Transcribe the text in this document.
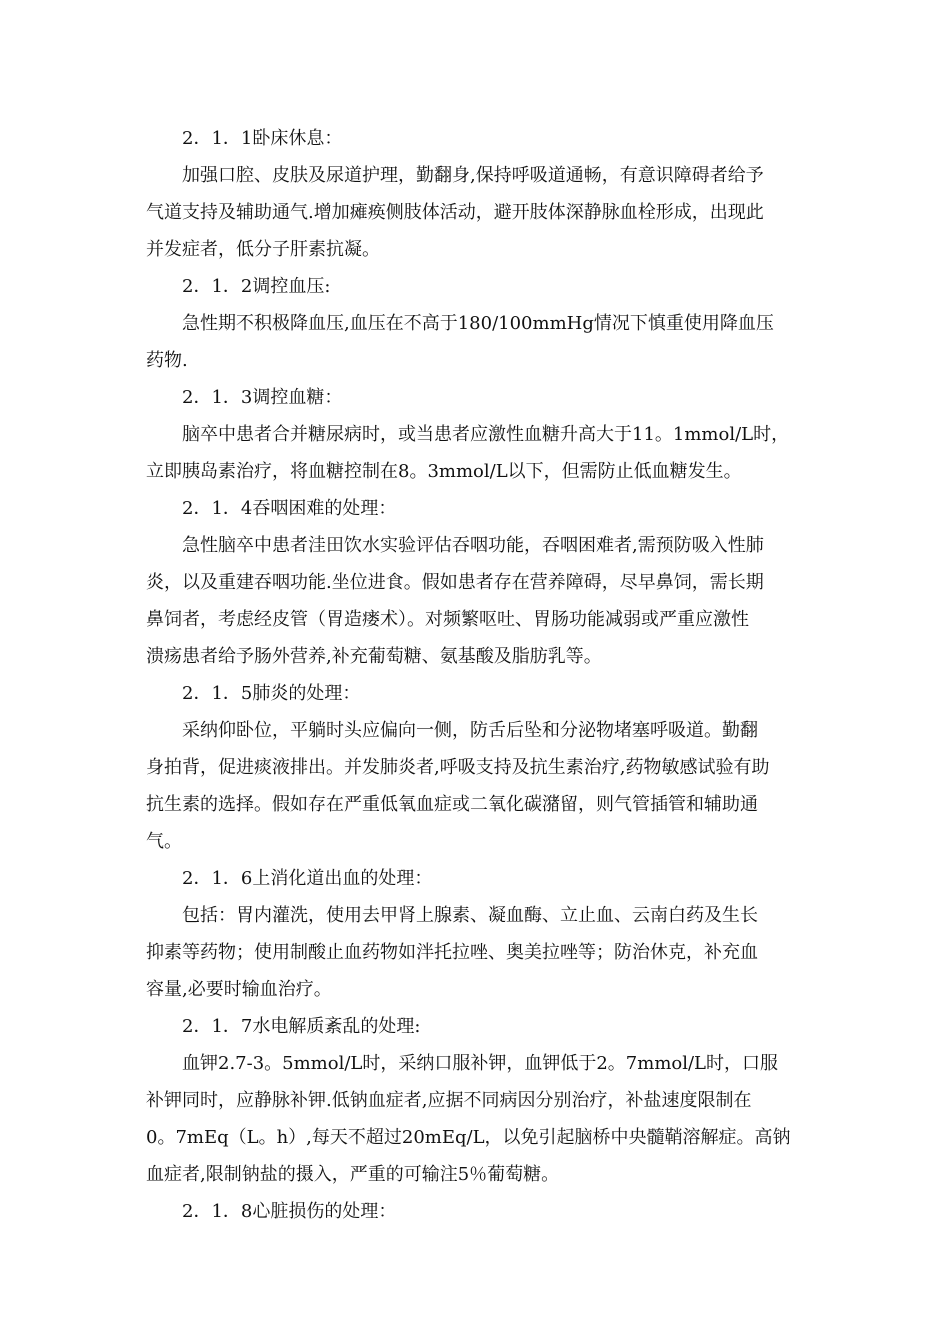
2．1．1卧床休息：
加强口腔、皮肤及尿道护理，勤翻身,保持呼吸道通畅，有意识障碍者给予
气道支持及辅助通气.增加瘫痪侧肢体活动，避开肢体深静脉血栓形成，出现此
并发症者，低分子肝素抗凝。
2．1．2调控血压:
急性期不积极降血压,血压在不高于180/100mmHg情况下慎重使用降血压
药物.
2．1．3调控血糖：
脑卒中患者合并糖尿病时，或当患者应激性血糖升高大于11。1mmol/L时，
立即胰岛素治疗，将血糖控制在8。3mmol/L以下，但需防止低血糖发生。
2．1．4吞咽困难的处理：
急性脑卒中患者洼田饮水实验评估吞咽功能，吞咽困难者,需预防吸入性肺
炎，以及重建吞咽功能.坐位进食。假如患者存在营养障碍，尽早鼻饲，需长期
鼻饲者，考虑经皮管（胃造瘘术）。对频繁呕吐、胃肠功能减弱或严重应激性
溃疡患者给予肠外营养,补充葡萄糖、氨基酸及脂肪乳等。
2．1．5肺炎的处理：
采纳仰卧位，平躺时头应偏向一侧，防舌后坠和分泌物堵塞呼吸道。勤翻
身拍背，促进痰液排出。并发肺炎者,呼吸支持及抗生素治疗,药物敏感试验有助
抗生素的选择。假如存在严重低氧血症或二氧化碳潴留，则气管插管和辅助通
气。
2．1．6上消化道出血的处理：
包括：胃内灌洗，使用去甲肾上腺素、凝血酶、立止血、云南白药及生长
抑素等药物；使用制酸止血药物如泮托拉唑、奥美拉唑等；防治休克，补充血
容量,必要时输血治疗。
2．1．7水电解质紊乱的处理:
血钾2.7-3。5mmol/L时，采纳口服补钾，血钾低于2。7mmol/L时，口服
补钾同时，应静脉补钾.低钠血症者,应据不同病因分别治疗，补盐速度限制在
0。7mEq（L。h）,每天不超过20mEq/L，以免引起脑桥中央髓鞘溶解症。高钠
血症者,限制钠盐的摄入，严重的可输注5％葡萄糖。
2．1．8心脏损伤的处理：
